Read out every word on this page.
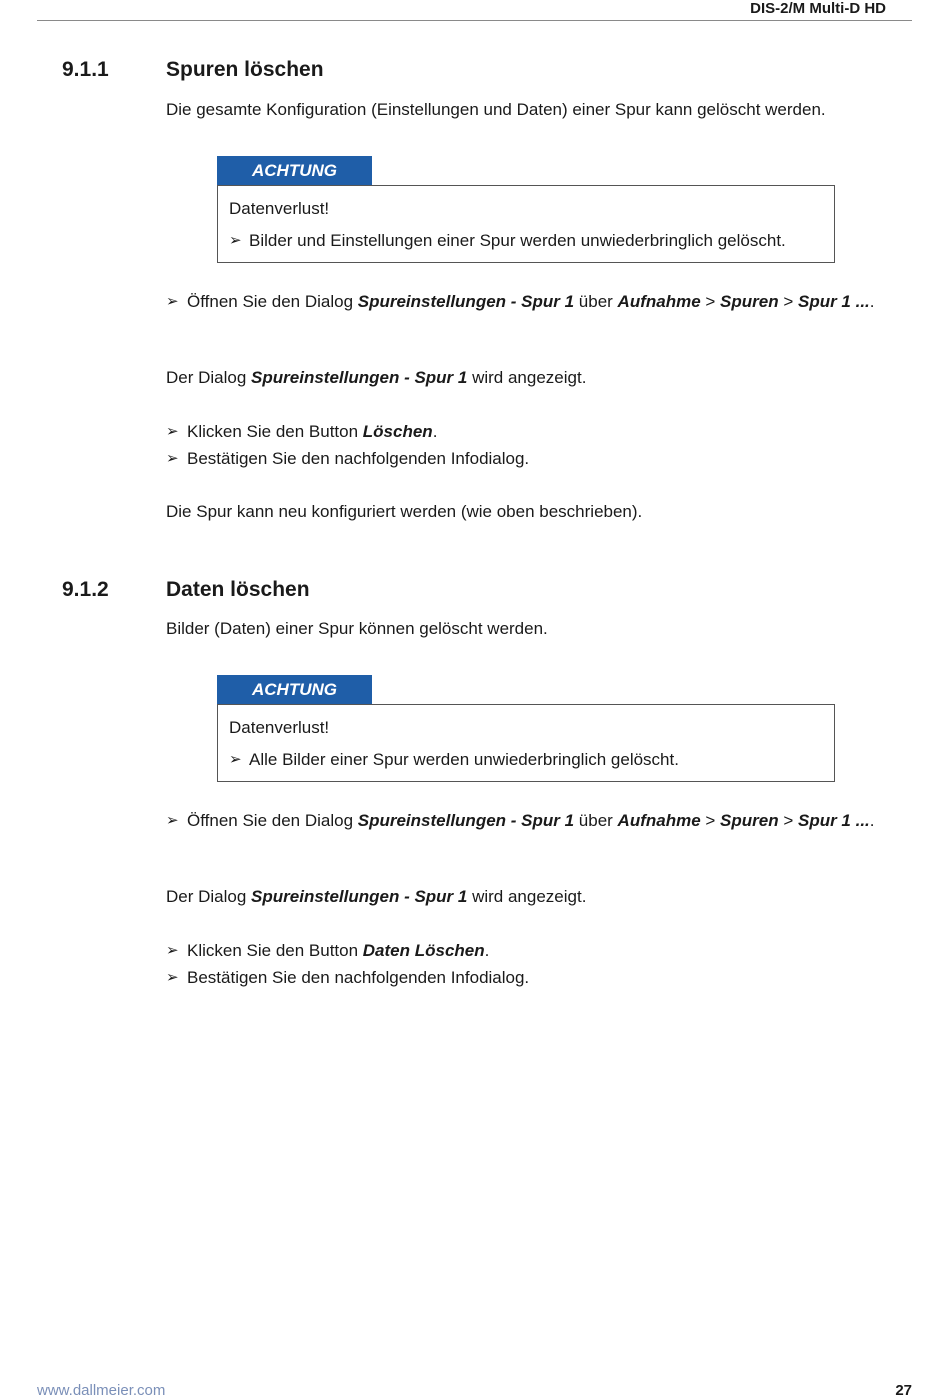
DIS-2/M Multi-D HD
9.1.1	Spuren löschen
Die gesamte Konfiguration (Einstellungen und Daten) einer Spur kann gelöscht werden.
ACHTUNG
Datenverlust!
➢ Bilder und Einstellungen einer Spur werden unwiederbringlich gelöscht.
➢ Öffnen Sie den Dialog Spureinstellungen - Spur 1 über Aufnahme > Spuren > Spur 1 ....
Der Dialog Spureinstellungen - Spur 1 wird angezeigt.
➢ Klicken Sie den Button Löschen.
➢ Bestätigen Sie den nachfolgenden Infodialog.
Die Spur kann neu konfiguriert werden (wie oben beschrieben).
9.1.2	Daten löschen
Bilder (Daten) einer Spur können gelöscht werden.
ACHTUNG
Datenverlust!
➢ Alle Bilder einer Spur werden unwiederbringlich gelöscht.
➢ Öffnen Sie den Dialog Spureinstellungen - Spur 1 über Aufnahme > Spuren > Spur 1 ....
Der Dialog Spureinstellungen - Spur 1 wird angezeigt.
➢ Klicken Sie den Button Daten Löschen.
➢ Bestätigen Sie den nachfolgenden Infodialog.
www.dallmeier.com	27
